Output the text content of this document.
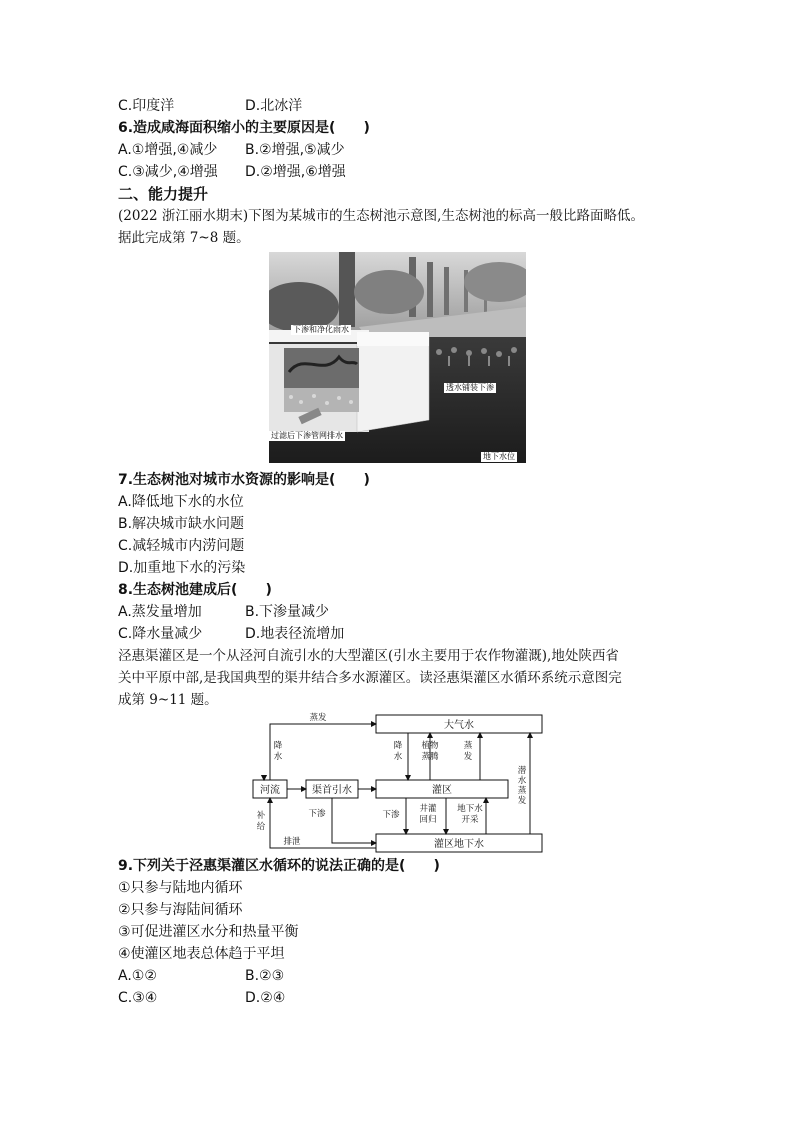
C.印度洋	D.北冰洋
6.造成咸海面积缩小的主要原因是(　　)
A.①增强,④减少 B.②增强,⑤减少
C.③减少,④增强 D.②增强,⑥增强
二、能力提升
(2022 浙江丽水期末)下图为某城市的生态树池示意图,生态树池的标高一般比路面略低。
据此完成第 7~8 题。
下渗和净化雨水
透水铺装下渗
过滤后下渗管网排水
地下水位
7.生态树池对城市水资源的影响是(　　)
A.降低地下水的水位
B.解决城市缺水问题
C.减轻城市内涝问题
D.加重地下水的污染
8.生态树池建成后(　　)
A.蒸发量增加	B.下渗量减少
C.降水量减少	D.地表径流增加
泾惠渠灌区是一个从泾河自流引水的大型灌区(引水主要用于农作物灌溉),地处陕西省
关中平原中部,是我国典型的渠井结合多水源灌区。读泾惠渠灌区水循环系统示意图完
成第 9~11 题。
大气水
河流	渠首引水	灌区
灌区地下水
蒸发
降
水
降
水
植物
蒸腾
蒸
发
潜
水
蒸
发
补
给
排泄
下渗	下渗
井灌
回归
地下水
开采
9.下列关于泾惠渠灌区水循环的说法正确的是(　　)
①只参与陆地内循环
②只参与海陆间循环
③可促进灌区水分和热量平衡
④使灌区地表总体趋于平坦
A.①②	B.②③
C.③④	D.②④
